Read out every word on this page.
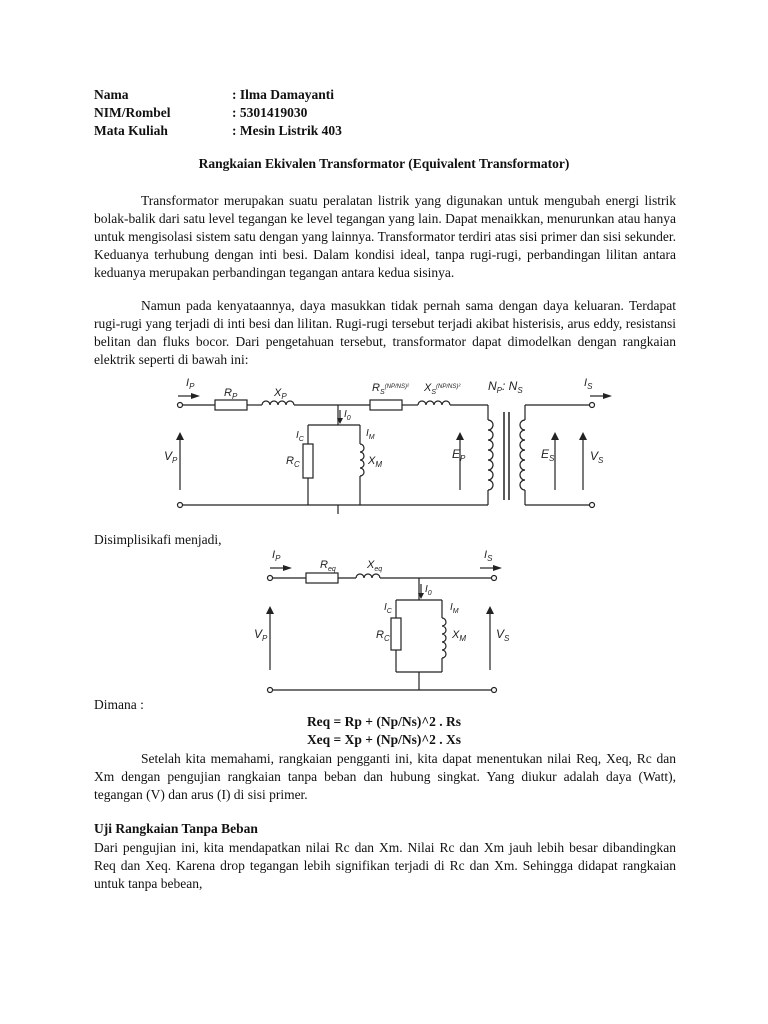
Nama	: Ilma Damayanti
NIM/Rombel	: 5301419030
Mata Kuliah	: Mesin Listrik 403
Rangkaian Ekivalen Transformator (Equivalent Transformator)
Transformator merupakan suatu peralatan listrik yang digunakan untuk mengubah energi listrik bolak-balik dari satu level tegangan ke level tegangan yang lain. Dapat menaikkan, menurunkan atau hanya untuk mengisolasi sistem satu dengan yang lainnya. Transformator terdiri atas sisi primer dan sisi sekunder. Keduanya terhubung dengan inti besi. Dalam kondisi ideal, tanpa rugi-rugi, perbandingan lilitan antara keduanya merupakan perbandingan tegangan antara kedua sisinya.
Namun pada kenyataannya, daya masukkan tidak pernah sama dengan daya keluaran. Terdapat rugi-rugi yang terjadi di inti besi dan lilitan. Rugi-rugi tersebut terjadi akibat histerisis, arus eddy, resistansi belitan dan fluks bocor. Dari pengetahuan tersebut, transformator dapat dimodelkan dengan rangkaian elektrik seperti di bawah ini:
$I_P$
$R_P$	$X_P$
$R_S^{(NP/NS)^2}$ $X_S^{(NP/NS)^2}$ $N_P$: $N_S$
$I_S$
$I_0$
$I_C$
$I_M$
$R_C$	$X_M$
$V_P$	$E_P$	$E_S$	$V_S$
Disimplisikafi menjadi,
$I_P$
$R_{eq}$	$X_{eq}$
$I_S$
$I_0$
$I_C$	$I_M$
$R_C$	$X_M$
$V_P$	$V_S$
Dimana :
Req = Rp + (Np/Ns)^2 . Rs
Xeq = Xp + (Np/Ns)^2 . Xs
Setelah kita memahami, rangkaian pengganti ini, kita dapat menentukan nilai Req, Xeq, Rc dan Xm dengan pengujian rangkaian tanpa beban dan hubung singkat. Yang diukur adalah daya (Watt), tegangan (V) dan arus (I) di sisi primer.
Uji Rangkaian Tanpa Beban
Dari pengujian ini, kita mendapatkan nilai Rc dan Xm. Nilai Rc dan Xm jauh lebih besar dibandingkan Req dan Xeq. Karena drop tegangan lebih signifikan terjadi di Rc dan Xm. Sehingga didapat rangkaian untuk tanpa bebean,
